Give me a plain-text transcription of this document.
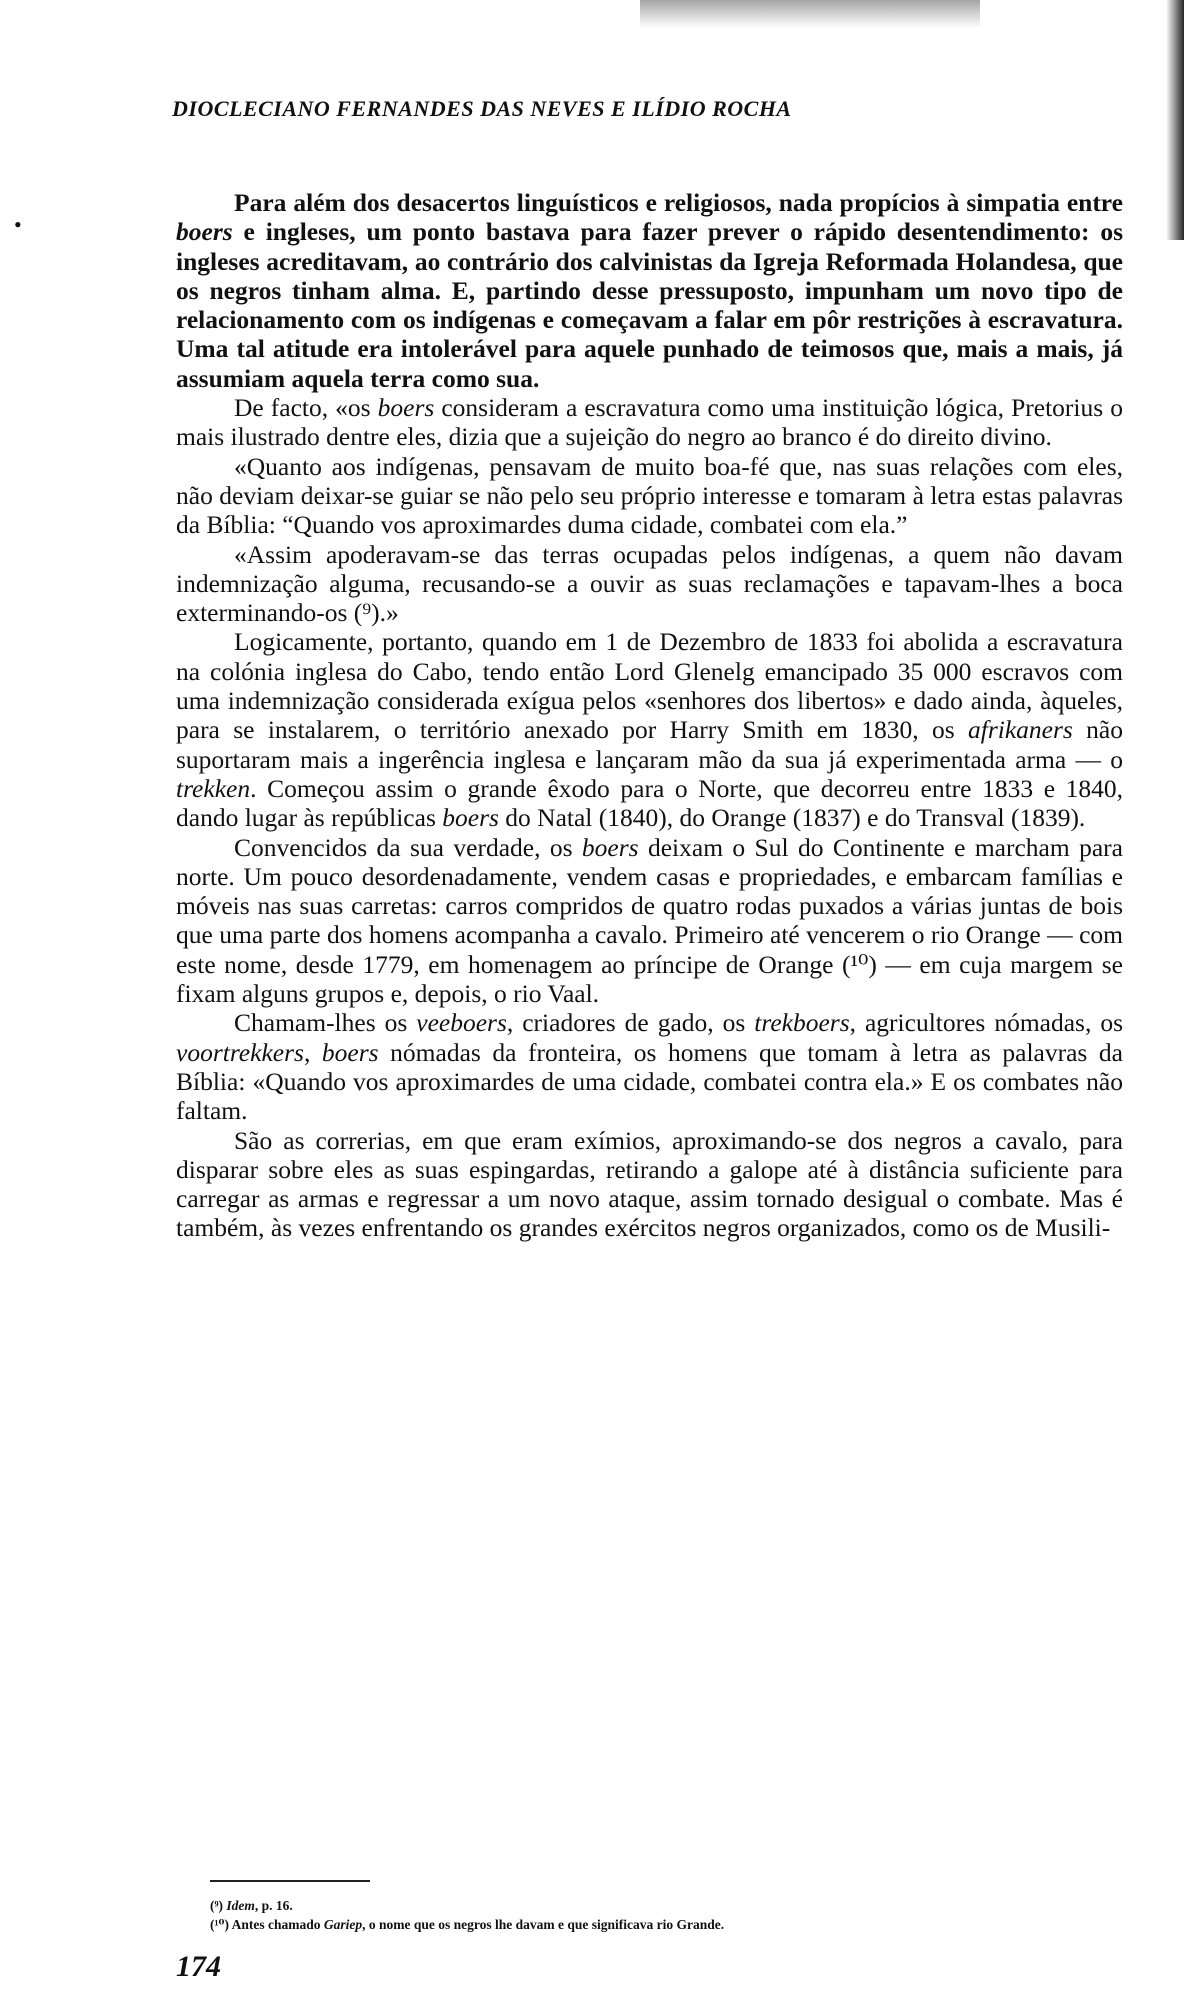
DIOCLECIANO FERNANDES DAS NEVES E ILÍDIO ROCHA
•

Para além dos desacertos linguísticos e religiosos, nada propícios à simpatia entre boers e ingleses, um ponto bastava para fazer prever o rápido desentendimento: os ingleses acreditavam, ao contrário dos calvinistas da Igreja Reformada Holandesa, que os negros tinham alma. E, partindo desse pressuposto, impunham um novo tipo de relacionamento com os indígenas e começavam a falar em pôr restrições à escravatura. Uma tal atitude era intolerável para aquele punhado de teimosos que, mais a mais, já assumiam aquela terra como sua.

De facto, «os boers consideram a escravatura como uma instituição lógica, Pretorius o mais ilustrado dentre eles, dizia que a sujeição do negro ao branco é do direito divino.

«Quanto aos indígenas, pensavam de muito boa-fé que, nas suas relações com eles, não deviam deixar-se guiar se não pelo seu próprio interesse e tomaram à letra estas palavras da Bíblia: “Quando vos aproximardes duma cidade, combatei com ela.”

«Assim apoderavam-se das terras ocupadas pelos indígenas, a quem não davam indemnização alguma, recusando-se a ouvir as suas reclamações e tapavam-lhes a boca exterminando-os (⁹).»

Logicamente, portanto, quando em 1 de Dezembro de 1833 foi abolida a escravatura na colónia inglesa do Cabo, tendo então Lord Glenelg emancipado 35 000 escravos com uma indemnização considerada exígua pelos «senhores dos libertos» e dado ainda, àqueles, para se instalarem, o território anexado por Harry Smith em 1830, os afrikaners não suportaram mais a ingerência inglesa e lançaram mão da sua já experimentada arma — o trekken. Começou assim o grande êxodo para o Norte, que decorreu entre 1833 e 1840, dando lugar às repúblicas boers do Natal (1840), do Orange (1837) e do Transval (1839).

Convencidos da sua verdade, os boers deixam o Sul do Continente e marcham para norte. Um pouco desordenadamente, vendem casas e propriedades, e embarcam famílias e móveis nas suas carretas: carros compridos de quatro rodas puxados a várias juntas de bois que uma parte dos homens acompanha a cavalo. Primeiro até vencerem o rio Orange — com este nome, desde 1779, em homenagem ao príncipe de Orange (¹⁰) — em cuja margem se fixam alguns grupos e, depois, o rio Vaal.

Chamam-lhes os veeboers, criadores de gado, os trekboers, agricultores nómadas, os voortrekkers, boers nómadas da fronteira, os homens que tomam à letra as palavras da Bíblia: «Quando vos aproximardes de uma cidade, combatei contra ela.» E os combates não faltam.

São as correrias, em que eram exímios, aproximando-se dos negros a cavalo, para disparar sobre eles as suas espingardas, retirando a galope até à distância suficiente para carregar as armas e regressar a um novo ataque, assim tornado desigual o combate. Mas é também, às vezes enfrentando os grandes exércitos negros organizados, como os de Musili-

(⁹) Idem, p. 16.
(¹⁰) Antes chamado Gariep, o nome que os negros lhe davam e que significava rio Grande.
174
